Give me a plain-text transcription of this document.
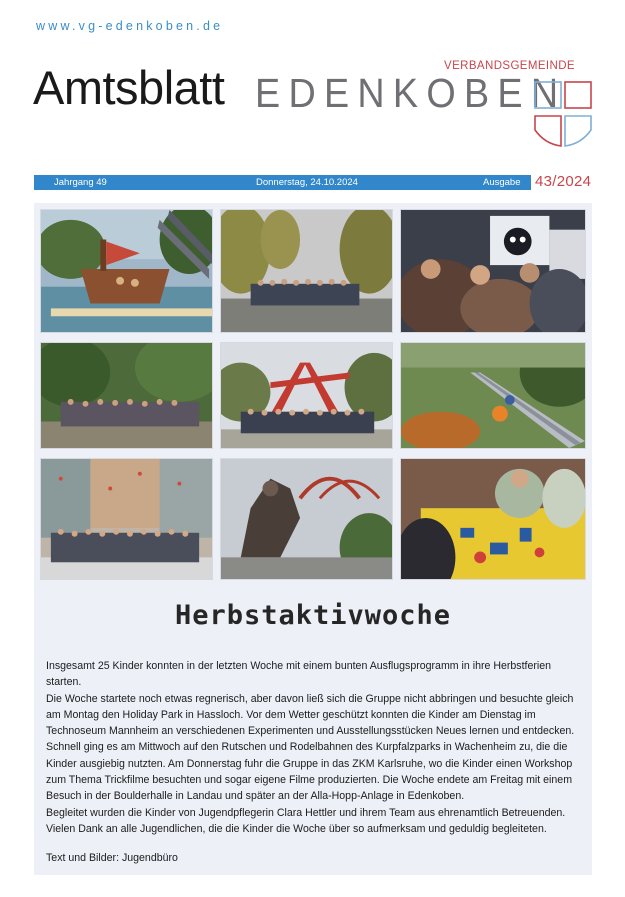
www.vg-edenkoben.de
Amtsblatt	VERBANDSGEMEINDE
EDENKOBEN
Jahrgang 49	Donnerstag, 24.10.2024	Ausgabe 43/2024
Herbstaktivwoche

Insgesamt 25 Kinder konnten in der letzten Woche mit einem bunten Ausflugsprogramm in ihre Herbstferien starten.

Die Woche startete noch etwas regnerisch, aber davon ließ sich die Gruppe nicht abbringen und besuchte gleich am Montag den Holiday Park in Hassloch. Vor dem Wetter geschützt konnten die Kinder am Dienstag im Technoseum Mannheim an verschiedenen Experimenten und Ausstellungsstücken Neues lernen und entdecken. Schnell ging es am Mittwoch auf den Rutschen und Rodelbahnen des Kurpfalzparks in Wachenheim zu, die die Kinder ausgiebig nutzten. Am Donnerstag fuhr die Gruppe in das ZKM Karlsruhe, wo die Kinder einen Workshop zum Thema Trickfilme besuchten und sogar eigene Filme produzierten. Die Woche endete am Freitag mit einem Besuch in der Boulderhalle in Landau und später an der Alla-Hopp-Anlage in Edenkoben.

Begleitet wurden die Kinder von Jugendpflegerin Clara Hettler und ihrem Team aus ehrenamtlich Betreuenden.

Vielen Dank an alle Jugendlichen, die die Kinder die Woche über so aufmerksam und geduldig begleiteten.

Text und Bilder: Jugendbüro
